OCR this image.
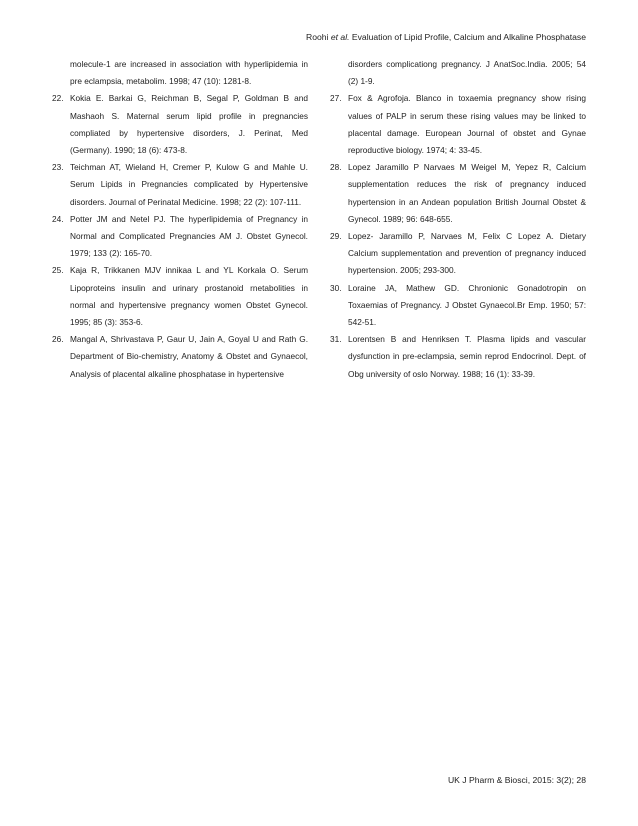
Roohi et al. Evaluation of Lipid Profile, Calcium and Alkaline Phosphatase
molecule-1 are increased in association with hyperlipidemia in pre eclampsia, metabolim. 1998; 47 (10): 1281-8.
22. Kokia E. Barkai G, Reichman B, Segal P, Goldman B and Mashaoh S. Maternal serum lipid profile in pregnancies compliated by hypertensive disorders, J. Perinat, Med (Germany). 1990; 18 (6): 473-8.
23. Teichman AT, Wieland H, Cremer P, Kulow G and Mahle U. Serum Lipids in Pregnancies complicated by Hypertensive disorders. Journal of Perinatal Medicine. 1998; 22 (2): 107-111.
24. Potter JM and Netel PJ. The hyperlipidemia of Pregnancy in Normal and Complicated Pregnancies AM J. Obstet Gynecol. 1979; 133 (2): 165-70.
25. Kaja R, Trikkanen MJV innikaa L and YL Korkala O. Serum Lipoproteins insulin and urinary prostanoid rnetabolities in normal and hypertensive pregnancy women Obstet Gynecol. 1995; 85 (3): 353-6.
26. Mangal A, Shrivastava P, Gaur U, Jain A, Goyal U and Rath G. Department of Bio-chemistry, Anatomy & Obstet and Gynaecol, Analysis of placental alkaline phosphatase in hypertensive
disorders complicationg pregnancy. J AnatSoc.India. 2005; 54 (2) 1-9.
27. Fox & Agrofoja. Blanco in toxaemia pregnancy show rising values of PALP in serum these rising values may be linked to placental damage. European Journal of obstet and Gynae reproductive biology. 1974; 4: 33-45.
28. Lopez Jaramillo P Narvaes M Weigel M, Yepez R, Calcium supplementation reduces the risk of pregnancy induced hypertension in an Andean population British Journal Obstet & Gynecol. 1989; 96: 648-655.
29. Lopez- Jaramillo P, Narvaes M, Felix C Lopez A. Dietary Calcium supplementation and prevention of pregnancy induced hypertension. 2005; 293-300.
30. Loraine JA, Mathew GD. Chronionic Gonadotropin on Toxaemias of Pregnancy. J Obstet Gynaecol.Br Emp. 1950; 57: 542-51.
31. Lorentsen B and Henriksen T. Plasma lipids and vascular dysfunction in pre-eclampsia, semin reprod Endocrinol. Dept. of Obg university of oslo Norway. 1988; 16 (1): 33-39.
UK J Pharm & Biosci, 2015: 3(2); 28
